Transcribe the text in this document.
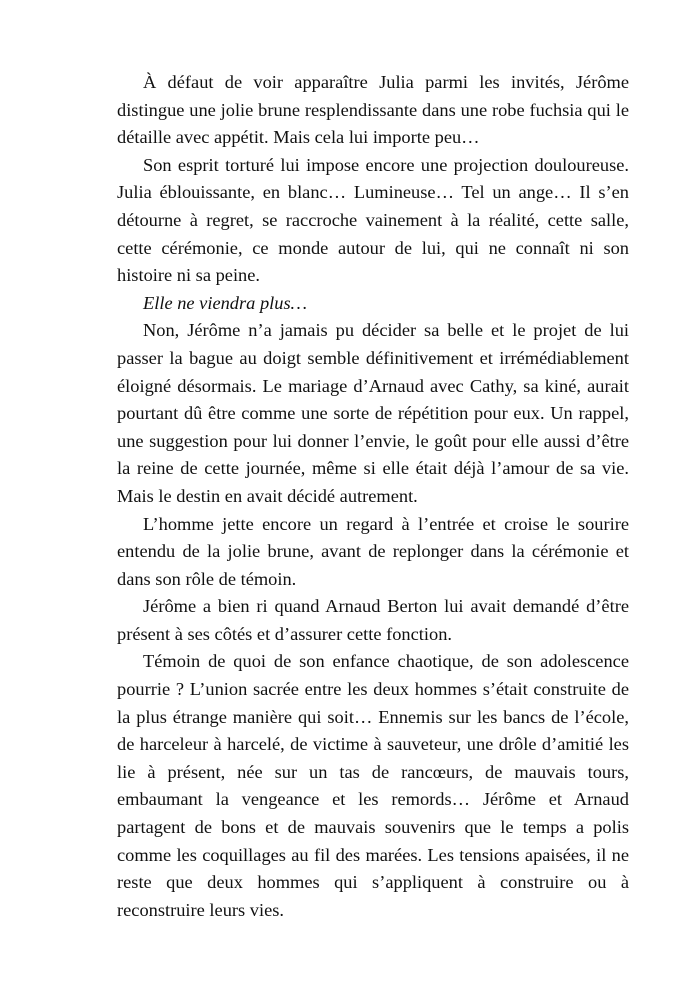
À défaut de voir apparaître Julia parmi les invités, Jérôme distingue une jolie brune resplendissante dans une robe fuchsia qui le détaille avec appétit. Mais cela lui importe peu…

Son esprit torturé lui impose encore une projection douloureuse. Julia éblouissante, en blanc… Lumineuse… Tel un ange… Il s’en détourne à regret, se raccroche vainement à la réalité, cette salle, cette cérémonie, ce monde autour de lui, qui ne connaît ni son histoire ni sa peine.

Elle ne viendra plus…

Non, Jérôme n’a jamais pu décider sa belle et le projet de lui passer la bague au doigt semble définitivement et irrémédiablement éloigné désormais. Le mariage d’Arnaud avec Cathy, sa kiné, aurait pourtant dû être comme une sorte de répétition pour eux. Un rappel, une suggestion pour lui donner l’envie, le goût pour elle aussi d’être la reine de cette journée, même si elle était déjà l’amour de sa vie. Mais le destin en avait décidé autrement.

L’homme jette encore un regard à l’entrée et croise le sourire entendu de la jolie brune, avant de replonger dans la cérémonie et dans son rôle de témoin.

Jérôme a bien ri quand Arnaud Berton lui avait demandé d’être présent à ses côtés et d’assurer cette fonction.

Témoin de quoi de son enfance chaotique, de son adolescence pourrie ? L’union sacrée entre les deux hommes s’était construite de la plus étrange manière qui soit… Ennemis sur les bancs de l’école, de harceleur à harcelé, de victime à sauveteur, une drôle d’amitié les lie à présent, née sur un tas de rancœurs, de mauvais tours, embaumant la vengeance et les remords… Jérôme et Arnaud partagent de bons et de mauvais souvenirs que le temps a polis comme les coquillages au fil des marées. Les tensions apaisées, il ne reste que deux hommes qui s’appliquent à construire ou à reconstruire leurs vies.
